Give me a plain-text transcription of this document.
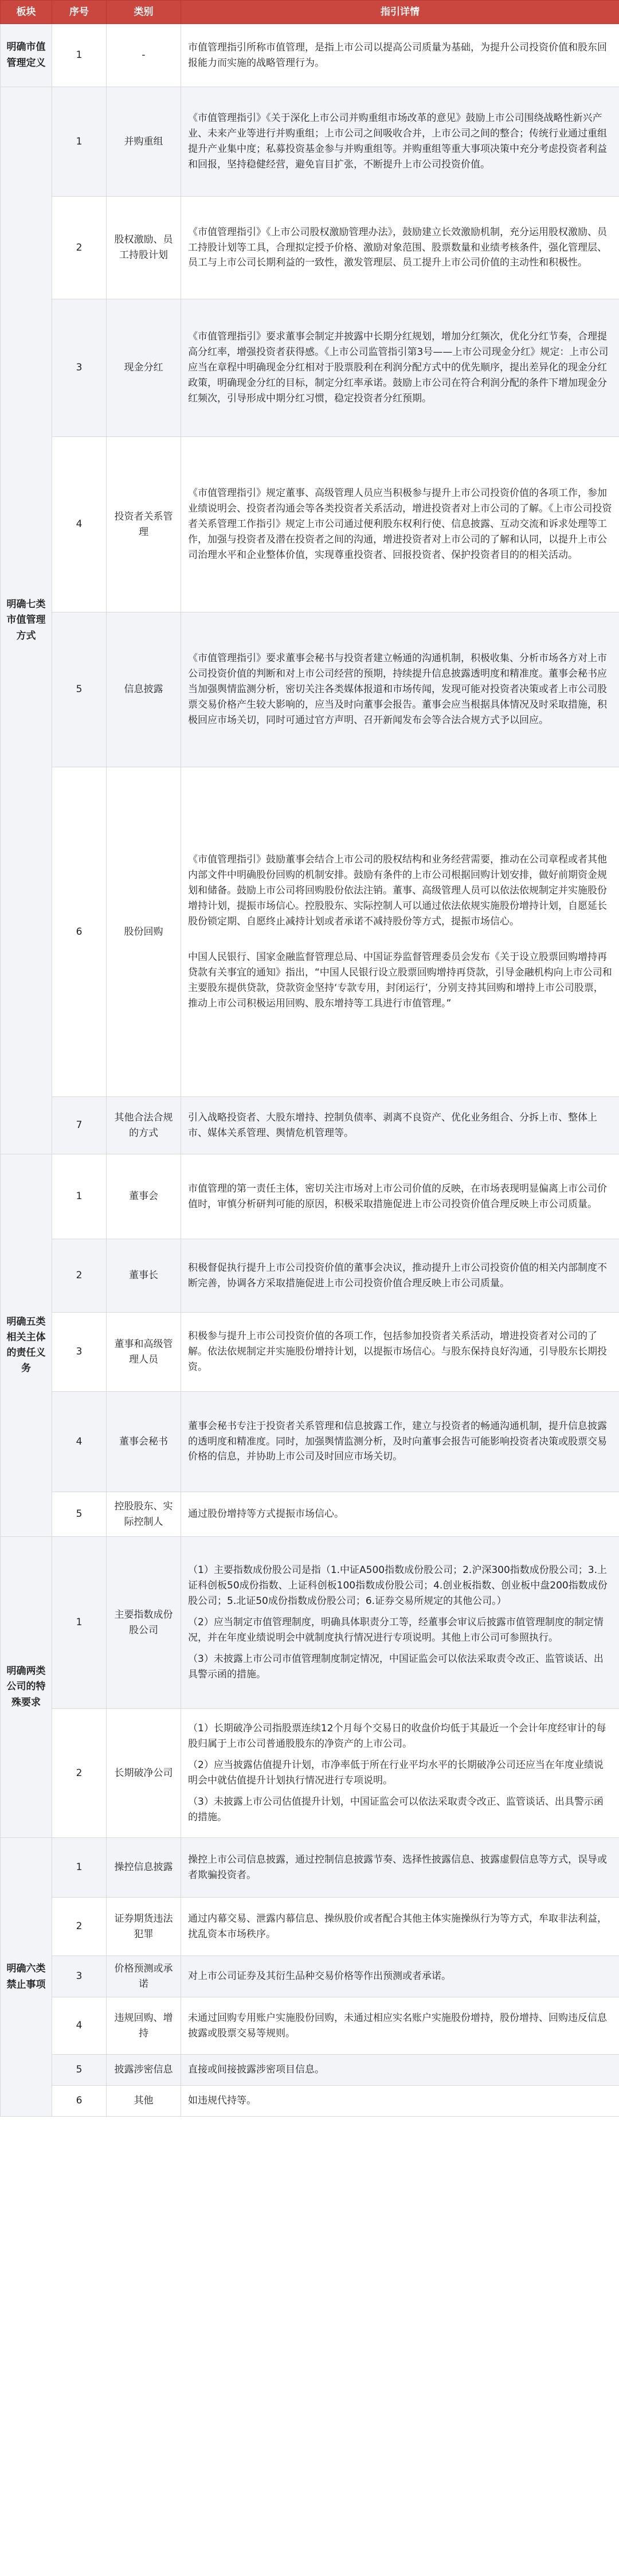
板块	序号	类别	指引详情
明确市值管理定义	1	-	市值管理指引所称市值管理，是指上市公司以提高公司质量为基础，为提升公司投资价值和股东回报能力而实施的战略管理行为。

明确七类市值管理方式	1	并购重组	《市值管理指引》《关于深化上市公司并购重组市场改革的意见》鼓励上市公司围绕战略性新兴产业、未来产业等进行并购重组；上市公司之间吸收合并，上市公司之间的整合；传统行业通过重组提升产业集中度；私募投资基金参与并购重组等。并购重组等重大事项决策中充分考虑投资者利益和回报，坚持稳健经营，避免盲目扩张，不断提升上市公司投资价值。

	2	股权激励、员工持股计划	《市值管理指引》《上市公司股权激励管理办法》，鼓励建立长效激励机制，充分运用股权激励、员工持股计划等工具，合理拟定授予价格、激励对象范围、股票数量和业绩考核条件，强化管理层、员工与上市公司长期利益的一致性，激发管理层、员工提升上市公司价值的主动性和积极性。

	3	现金分红	《市值管理指引》要求董事会制定并披露中长期分红规划，增加分红频次，优化分红节奏，合理提高分红率，增强投资者获得感。《上市公司监管指引第3号——上市公司现金分红》规定：上市公司应当在章程中明确现金分红相对于股票股利在利润分配方式中的优先顺序，提出差异化的现金分红政策，明确现金分红的目标，制定分红率承诺。鼓励上市公司在符合利润分配的条件下增加现金分红频次，引导形成中期分红习惯，稳定投资者分红预期。

	4	投资者关系管理	《市值管理指引》规定董事、高级管理人员应当积极参与提升上市公司投资价值的各项工作，参加业绩说明会、投资者沟通会等各类投资者关系活动，增进投资者对上市公司的了解。《上市公司投资者关系管理工作指引》规定上市公司通过便利股东权利行使、信息披露、互动交流和诉求处理等工作，加强与投资者及潜在投资者之间的沟通，增进投资者对上市公司的了解和认同，以提升上市公司治理水平和企业整体价值，实现尊重投资者、回报投资者、保护投资者目的的相关活动。

	5	信息披露	《市值管理指引》要求董事会秘书与投资者建立畅通的沟通机制，积极收集、分析市场各方对上市公司投资价值的判断和对上市公司经营的预期，持续提升信息披露透明度和精准度。董事会秘书应当加强舆情监测分析，密切关注各类媒体报道和市场传闻，发现可能对投资者决策或者上市公司股票交易价格产生较大影响的，应当及时向董事会报告。董事会应当根据具体情况及时采取措施，积极回应市场关切，同时可通过官方声明、召开新闻发布会等合法合规方式予以回应。

	6	股份回购	《市值管理指引》鼓励董事会结合上市公司的股权结构和业务经营需要，推动在公司章程或者其他内部文件中明确股份回购的机制安排。鼓励有条件的上市公司根据回购计划安排，做好前期资金规划和储备。鼓励上市公司将回购股份依法注销。董事、高级管理人员可以依法依规制定并实施股份增持计划，提振市场信心。控股股东、实际控制人可以通过依法依规实施股份增持计划，自愿延长股份锁定期、自愿终止减持计划或者承诺不减持股份等方式，提振市场信心。

中国人民银行、国家金融监督管理总局、中国证券监督管理委员会发布《关于设立股票回购增持再贷款有关事宜的通知》指出，“中国人民银行设立股票回购增持再贷款，引导金融机构向上市公司和主要股东提供贷款，贷款资金坚持‘专款专用，封闭运行’，分别支持其回购和增持上市公司股票，推动上市公司积极运用回购、股东增持等工具进行市值管理。”

	7	其他合法合规的方式	引入战略投资者、大股东增持、控制负债率、剥离不良资产、优化业务组合、分拆上市、整体上市、媒体关系管理、舆情危机管理等。

明确五类相关主体的责任义务	1	董事会	市值管理的第一责任主体，密切关注市场对上市公司价值的反映，在市场表现明显偏离上市公司价值时，审慎分析研判可能的原因，积极采取措施促进上市公司投资价值合理反映上市公司质量。

	2	董事长	积极督促执行提升上市公司投资价值的董事会决议，推动提升上市公司投资价值的相关内部制度不断完善，协调各方采取措施促进上市公司投资价值合理反映上市公司质量。

	3	董事和高级管理人员	积极参与提升上市公司投资价值的各项工作，包括参加投资者关系活动，增进投资者对公司的了解。依法依规制定并实施股份增持计划，以提振市场信心。与股东保持良好沟通，引导股东长期投资。

	4	董事会秘书	董事会秘书专注于投资者关系管理和信息披露工作，建立与投资者的畅通沟通机制，提升信息披露的透明度和精准度。同时，加强舆情监测分析，及时向董事会报告可能影响投资者决策或股票交易价格的信息，并协助上市公司及时回应市场关切。

	5	控股股东、实际控制人	通过股份增持等方式提振市场信心。

明确两类公司的特殊要求	1	主要指数成份股公司	（1）主要指数成份股公司是指（1.中证A500指数成份股公司；2.沪深300指数成份股公司；3.上证科创板50成份指数、上证科创板100指数成份股公司；4.创业板指数、创业板中盘200指数成份股公司；5.北证50成份指数成份股公司；6.证券交易所规定的其他公司。）

（2）应当制定市值管理制度，明确具体职责分工等，经董事会审议后披露市值管理制度的制定情况，并在年度业绩说明会中就制度执行情况进行专项说明。其他上市公司可参照执行。

（3）未披露上市公司市值管理制度制定情况，中国证监会可以依法采取责令改正、监管谈话、出具警示函的措施。

	2	长期破净公司	（1）长期破净公司指股票连续12个月每个交易日的收盘价均低于其最近一个会计年度经审计的每股归属于上市公司普通股股东的净资产的上市公司。

（2）应当披露估值提升计划，市净率低于所在行业平均水平的长期破净公司还应当在年度业绩说明会中就估值提升计划执行情况进行专项说明。

（3）未披露上市公司估值提升计划，中国证监会可以依法采取责令改正、监管谈话、出具警示函的措施。

明确六类禁止事项	1	操控信息披露	操控上市公司信息披露，通过控制信息披露节奏、选择性披露信息、披露虚假信息等方式，误导或者欺骗投资者。

	2	证券期货违法犯罪	通过内幕交易、泄露内幕信息、操纵股价或者配合其他主体实施操纵行为等方式，牟取非法利益，扰乱资本市场秩序。

	3	价格预测或承诺	对上市公司证券及其衍生品种交易价格等作出预测或者承诺。

	4	违规回购、增持	未通过回购专用账户实施股份回购，未通过相应实名账户实施股份增持，股份增持、回购违反信息披露或股票交易等规则。

	5	披露涉密信息	直接或间接披露涉密项目信息。

	6	其他	如违规代持等。
